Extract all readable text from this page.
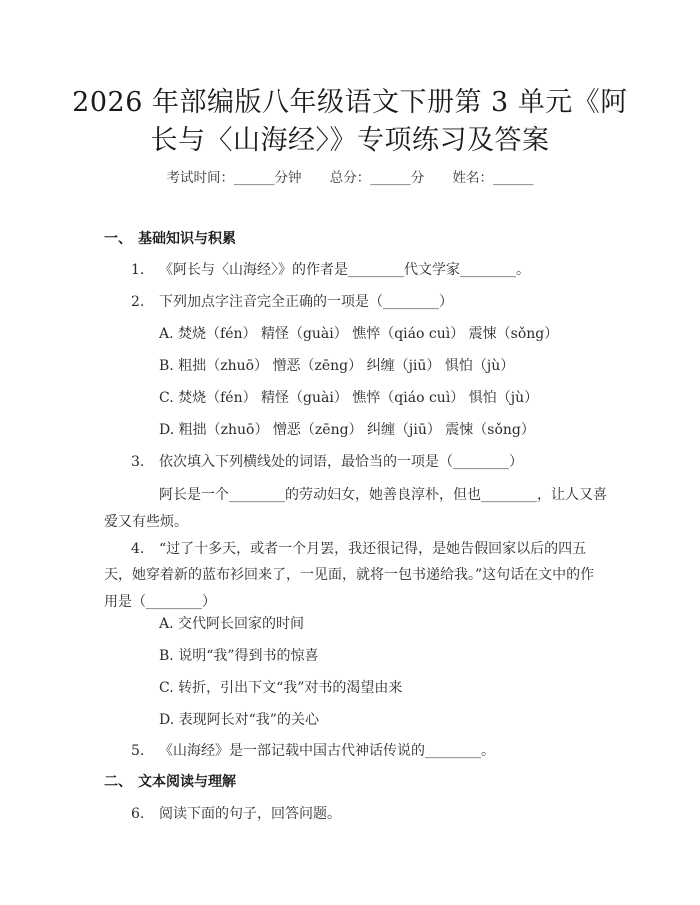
2026 年部编版八年级语文下册第 3 单元《阿
长与〈山海经〉》专项练习及答案
考试时间：______分钟 总分：______分 姓名：______
一、 基础知识与积累
1. 《阿长与〈山海经〉》的作者是________代文学家________。
2. 下列加点字注音完全正确的一项是（________）
A. 焚烧（fén） 精怪（guài） 憔悴（qiáo cuì） 震悚（sǒng）
B. 粗拙（zhuō） 憎恶（zēng） 纠缠（jiū） 惧怕（jù）
C. 焚烧（fén） 精怪（guài） 憔悴（qiáo cuì） 惧怕（jù）
D. 粗拙（zhuō） 憎恶（zēng） 纠缠（jiū） 震悚（sǒng）
3. 依次填入下列横线处的词语，最恰当的一项是（________）
阿长是一个________的劳动妇女，她善良淳朴，但也________，让人又喜
爱又有些烦。
4. “过了十多天，或者一个月罢，我还很记得，是她告假回家以后的四五
天，她穿着新的蓝布衫回来了，一见面，就将一包书递给我。”这句话在文中的作
用是（________）
A. 交代阿长回家的时间
B. 说明“我”得到书的惊喜
C. 转折，引出下文“我”对书的渴望由来
D. 表现阿长对“我”的关心
5. 《山海经》是一部记载中国古代神话传说的________。
二、 文本阅读与理解
6. 阅读下面的句子，回答问题。
